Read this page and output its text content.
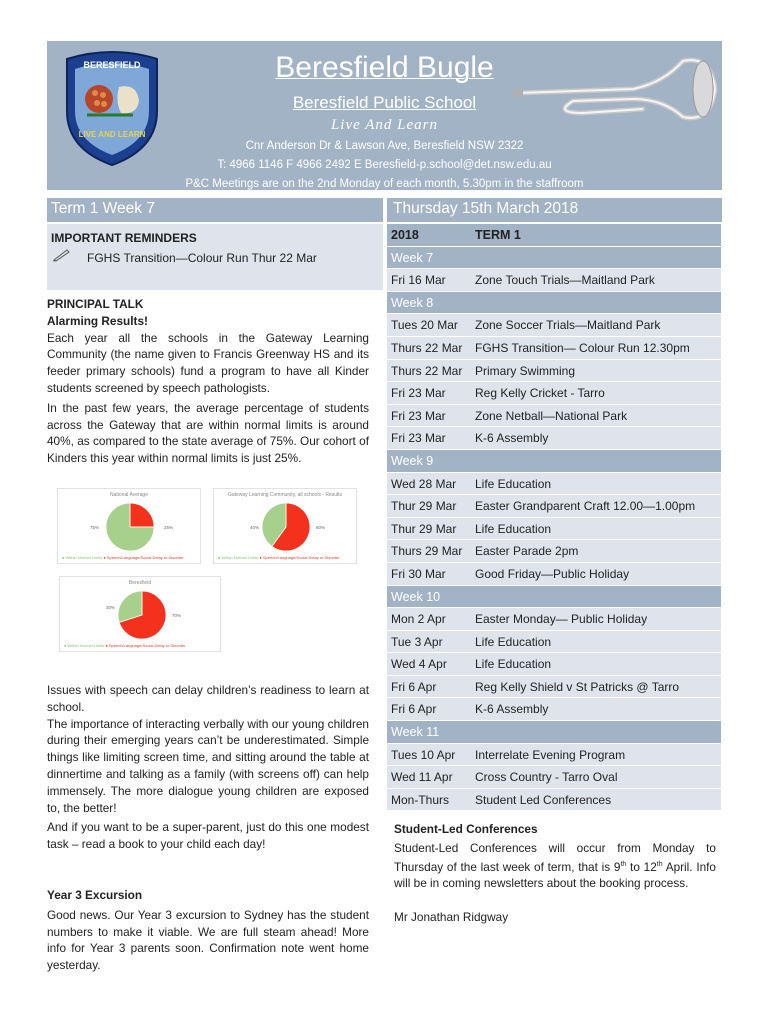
BERESFIELD
LIVE AND LEARN
Beresfield Bugle
Beresfield Public School
Live And Learn
Cnr Anderson Dr & Lawson Ave, Beresfield NSW 2322
T: 4966 1146 F 4966 2492 E Beresfield-p.school@det.nsw.edu.au
P&C Meetings are on the 2nd Monday of each month, 5.30pm in the staffroom
Term 1 Week 7	Thursday 15th March 2018
IMPORTANT REMINDERS
FGHS Transition—Colour Run Thur 22 Mar
PRINCIPAL TALK
Alarming Results!

Each year all the schools in the Gateway Learning Community (the name given to Francis Greenway HS and its feeder primary schools) fund a program to have all Kinder students screened by speech pathologists.

In the past few years, the average percentage of students across the Gateway that are within normal limits is around 40%, as compared to the state average of 75%. Our cohort of Kinders this year within normal limits is just 25%.

National Average
75%	25%
● Within Normal Limits ● Speech/Language/Social Delay or Disorder
Gateway Learning Community, all schools - Results
40%	60%
● Within Normal Limits ● Speech/Language/Social Delay or Disorder
Beresfield
30%
70%
● Within Normal Limits ● Speech/Language/Social Delay or Disorder

Issues with speech can delay children’s readiness to learn at school.

The importance of interacting verbally with our young children during their emerging years can’t be underestimated. Simple things like limiting screen time, and sitting around the table at dinnertime and talking as a family (with screens off) can help immensely. The more dialogue young children are exposed to, the better!

And if you want to be a super-parent, just do this one modest task – read a book to your child each day!

Year 3 Excursion

Good news. Our Year 3 excursion to Sydney has the student numbers to make it viable. We are full steam ahead! More info for Year 3 parents soon. Confirmation note went home yesterday.

2018	TERM 1
Week 7
Fri 16 Mar Zone Touch Trials—Maitland Park
Week 8
Tues 20 Mar Zone Soccer Trials—Maitland Park
Thurs 22 Mar FGHS Transition— Colour Run 12.30pm
Thurs 22 Mar Primary Swimming
Fri 23 Mar Reg Kelly Cricket - Tarro
Fri 23 Mar Zone Netball—National Park
Fri 23 Mar K-6 Assembly
Week 9
Wed 28 Mar Life Education
Thur 29 Mar Easter Grandparent Craft 12.00—1.00pm
Thur 29 Mar Life Education
Thurs 29 Mar Easter Parade 2pm
Fri 30 Mar Good Friday—Public Holiday
Week 10
Mon 2 Apr Easter Monday— Public Holiday
Tue 3 Apr	Life Education
Wed 4 Apr Life Education
Fri 6 Apr	Reg Kelly Shield v St Patricks @ Tarro
Fri 6 Apr	K-6 Assembly
Week 11
Tues 10 Apr Interrelate Evening Program
Wed 11 Apr Cross Country - Tarro Oval
Mon-Thurs Student Led Conferences
Student-Led Conferences

Student-Led Conferences will occur from Monday to Thursday of the last week of term, that is 9th to 12th April. Info will be in coming newsletters about the booking process.

Mr Jonathan Ridgway
